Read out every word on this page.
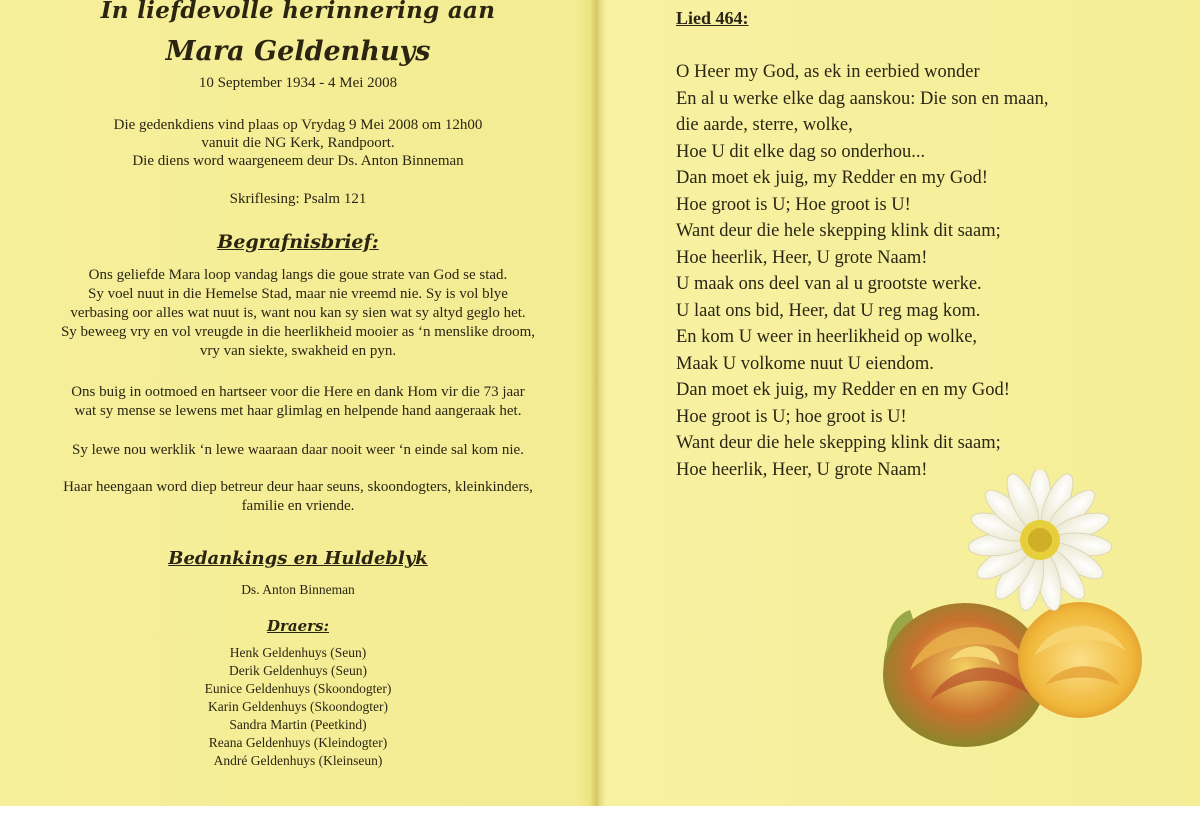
In liefdevolle herinnering aan
Mara Geldenhuys
10 September 1934 - 4 Mei 2008
Die gedenkdiens vind plaas op Vrydag 9 Mei 2008 om 12h00
vanuit die NG Kerk, Randpoort.
Die diens word waargeneem deur Ds. Anton Binneman
Skriflesing: Psalm 121
Begrafnisbrief:
Ons geliefde Mara loop vandag langs die goue strate van God se stad.
Sy voel nuut in die Hemelse Stad, maar nie vreemd nie. Sy is vol blye
verbasing oor alles wat nuut is, want nou kan sy sien wat sy altyd geglo het.
Sy beweeg vry en vol vreugde in die heerlikheid mooier as ‘n menslike droom,
vry van siekte, swakheid en pyn.
Ons buig in ootmoed en hartseer voor die Here en dank Hom vir die 73 jaar
wat sy mense se lewens met haar glimlag en helpende hand aangeraak het.
Sy lewe nou werklik ‘n lewe waaraan daar nooit weer ‘n einde sal kom nie.
Haar heengaan word diep betreur deur haar seuns, skoondogters, kleinkinders,
familie en vriende.
Bedankings en Huldeblyk
Ds. Anton Binneman
Draers:
Henk Geldenhuys (Seun)
Derik Geldenhuys (Seun)
Eunice Geldenhuys (Skoondogter)
Karin Geldenhuys (Skoondogter)
Sandra Martin (Peetkind)
Reana Geldenhuys (Kleindogter)
André Geldenhuys (Kleinseun)
Lied 464:
O Heer my God, as ek in eerbied wonder
En al u werke elke dag aanskou: Die son en maan,
die aarde, sterre, wolke,
Hoe U dit elke dag so onderhou...
Dan moet ek juig, my Redder en my God!
Hoe groot is U; Hoe groot is U!
Want deur die hele skepping klink dit saam;
Hoe heerlik, Heer, U grote Naam!
U maak ons deel van al u grootste werke.
U laat ons bid, Heer, dat U reg mag kom.
En kom U weer in heerlikheid op wolke,
Maak U volkome nuut U eiendom.
Dan moet ek juig, my Redder en en my God!
Hoe groot is U; hoe groot is U!
Want deur die hele skepping klink dit saam;
Hoe heerlik, Heer, U grote Naam!
